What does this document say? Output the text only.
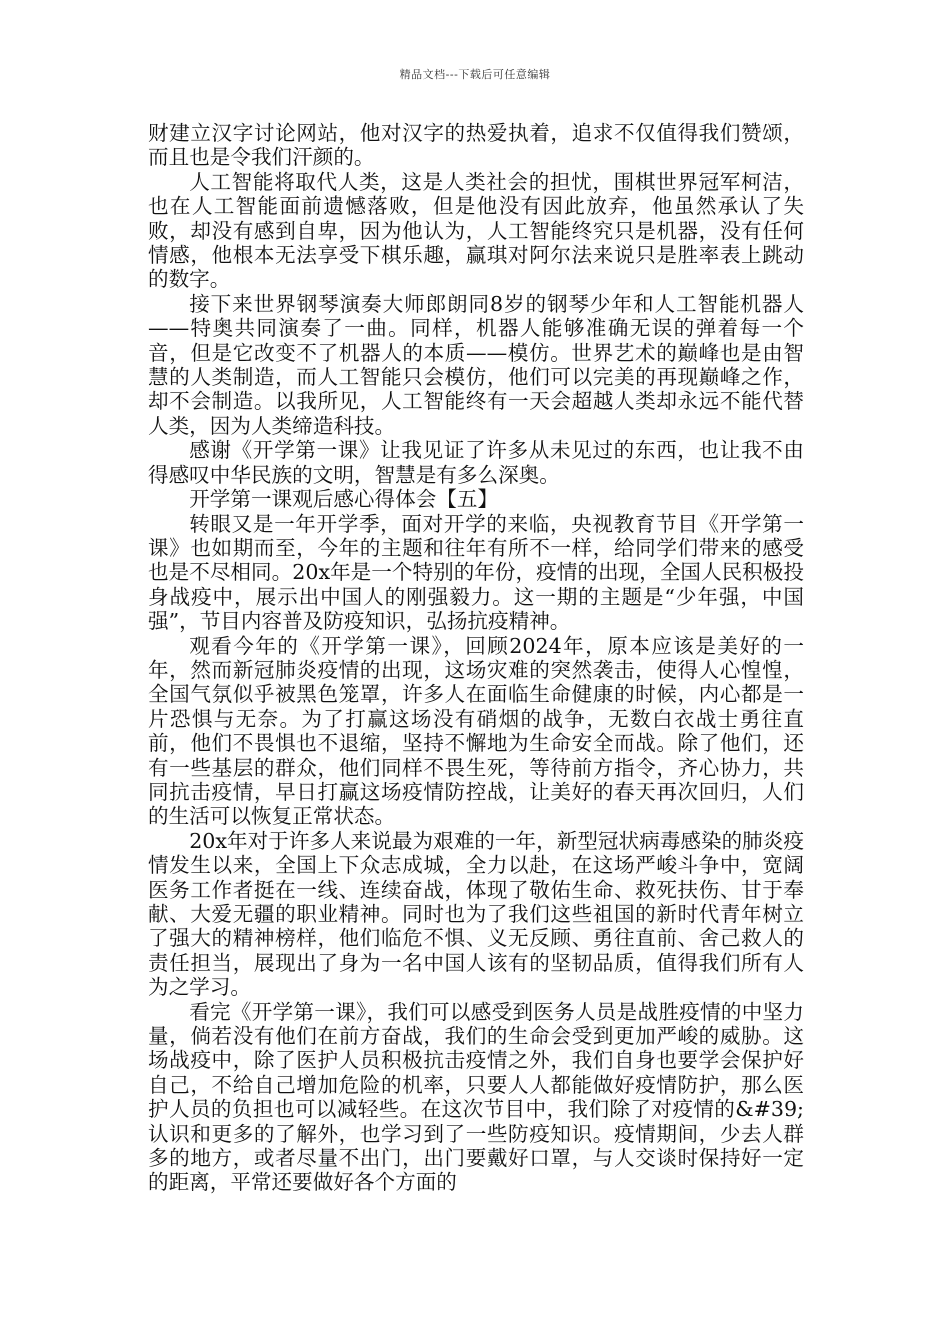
精品文档---下载后可任意编辑

财建立汉字讨论网站，他对汉字的热爱执着，追求不仅值得我们赞颂，而且也是令我们汗颜的。

人工智能将取代人类，这是人类社会的担忧，围棋世界冠军柯洁，也在人工智能面前遗憾落败，但是他没有因此放弃，他虽然承认了失败，却没有感到自卑，因为他认为，人工智能终究只是机器，没有任何情感，他根本无法享受下棋乐趣，赢琪对阿尔法来说只是胜率表上跳动的数字。

接下来世界钢琴演奏大师郎朗同8岁的钢琴少年和人工智能机器人——特奥共同演奏了一曲。同样，机器人能够准确无误的弹着每一个音，但是它改变不了机器人的本质——模仿。世界艺术的巅峰也是由智慧的人类制造，而人工智能只会模仿，他们可以完美的再现巅峰之作，却不会制造。以我所见，人工智能终有一天会超越人类却永远不能代替人类，因为人类缔造科技。

感谢《开学第一课》让我见证了许多从未见过的东西，也让我不由得感叹中华民族的文明，智慧是有多么深奥。

开学第一课观后感心得体会【五】

转眼又是一年开学季，面对开学的来临，央视教育节目《开学第一课》也如期而至，今年的主题和往年有所不一样，给同学们带来的感受也是不尽相同。20x年是一个特别的年份，疫情的出现，全国人民积极投身战疫中，展示出中国人的刚强毅力。这一期的主题是“少年强，中国强”，节目内容普及防疫知识，弘扬抗疫精神。

观看今年的《开学第一课》，回顾2024年，原本应该是美好的一年，然而新冠肺炎疫情的出现，这场灾难的突然袭击，使得人心惶惶，全国气氛似乎被黑色笼罩，许多人在面临生命健康的时候，内心都是一片恐惧与无奈。为了打赢这场没有硝烟的战争，无数白衣战士勇往直前，他们不畏惧也不退缩，坚持不懈地为生命安全而战。除了他们，还有一些基层的群众，他们同样不畏生死，等待前方指令，齐心协力，共同抗击疫情，早日打赢这场疫情防控战，让美好的春天再次回归，人们的生活可以恢复正常状态。

20x年对于许多人来说最为艰难的一年，新型冠状病毒感染的肺炎疫情发生以来，全国上下众志成城，全力以赴，在这场严峻斗争中，宽阔医务工作者挺在一线、连续奋战，体现了敬佑生命、救死扶伤、甘于奉献、大爱无疆的职业精神。同时也为了我们这些祖国的新时代青年树立了强大的精神榜样，他们临危不惧、义无反顾、勇往直前、舍己救人的责任担当，展现出了身为一名中国人该有的坚韧品质，值得我们所有人为之学习。

看完《开学第一课》，我们可以感受到医务人员是战胜疫情的中坚力量，倘若没有他们在前方奋战，我们的生命会受到更加严峻的威胁。这场战疫中，除了医护人员积极抗击疫情之外，我们自身也要学会保护好自己，不给自己增加危险的机率，只要人人都能做好疫情防护，那么医护人员的负担也可以减轻些。在这次节目中，我们除了对疫情的&#39;认识和更多的了解外，也学习到了一些防疫知识。疫情期间，少去人群多的地方，或者尽量不出门，出门要戴好口罩，与人交谈时保持好一定的距离，平常还要做好各个方面的
